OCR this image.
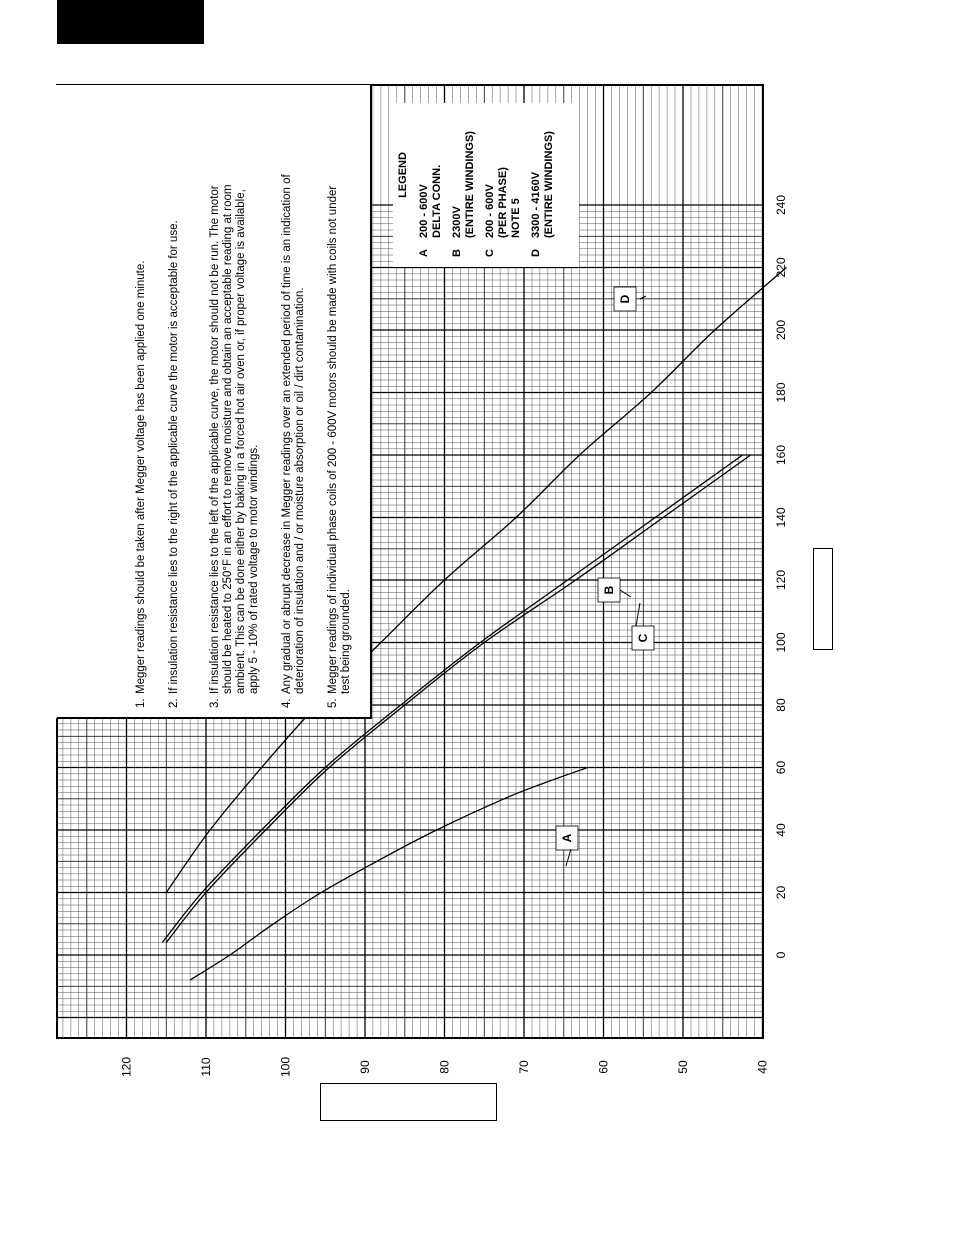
0
20
40
60
80
100
120
140
160
180
200
220
240
40
50
60
70
80
90
100
110
120
1.
Megger readings should be taken after Megger voltage has been applied one minute.
2.
If insulation resistance lies to the right of the applicable curve the motor is acceptable for use.
3.
If insulation resistance lies to the left of the applicable curve, the motor should not be run. The motor should be heated to 250°F in an effort to remove moisture and obtain an acceptable reading at room ambient. This can be done either by baking in a forced hot air oven or, if proper voltage is available, apply 5 - 10% of rated voltage to motor windings.
4.
Any gradual or abrupt decrease in Megger readings over an extended period of time is an indication of deterioration of insulation and / or moisture absorption or oil / dirt contamination.
5.
Megger readings of individual phase coils of 200 - 600V motors should be made with coils not under test being grounded.
LEGEND
A
200 - 600V DELTA CONN.
B
2300V (ENTIRE WINDINGS)
C
200 - 600V (PER PHASE) NOTE 5
D
3300 - 4160V (ENTIRE WINDINGS)
A
B
C
D
